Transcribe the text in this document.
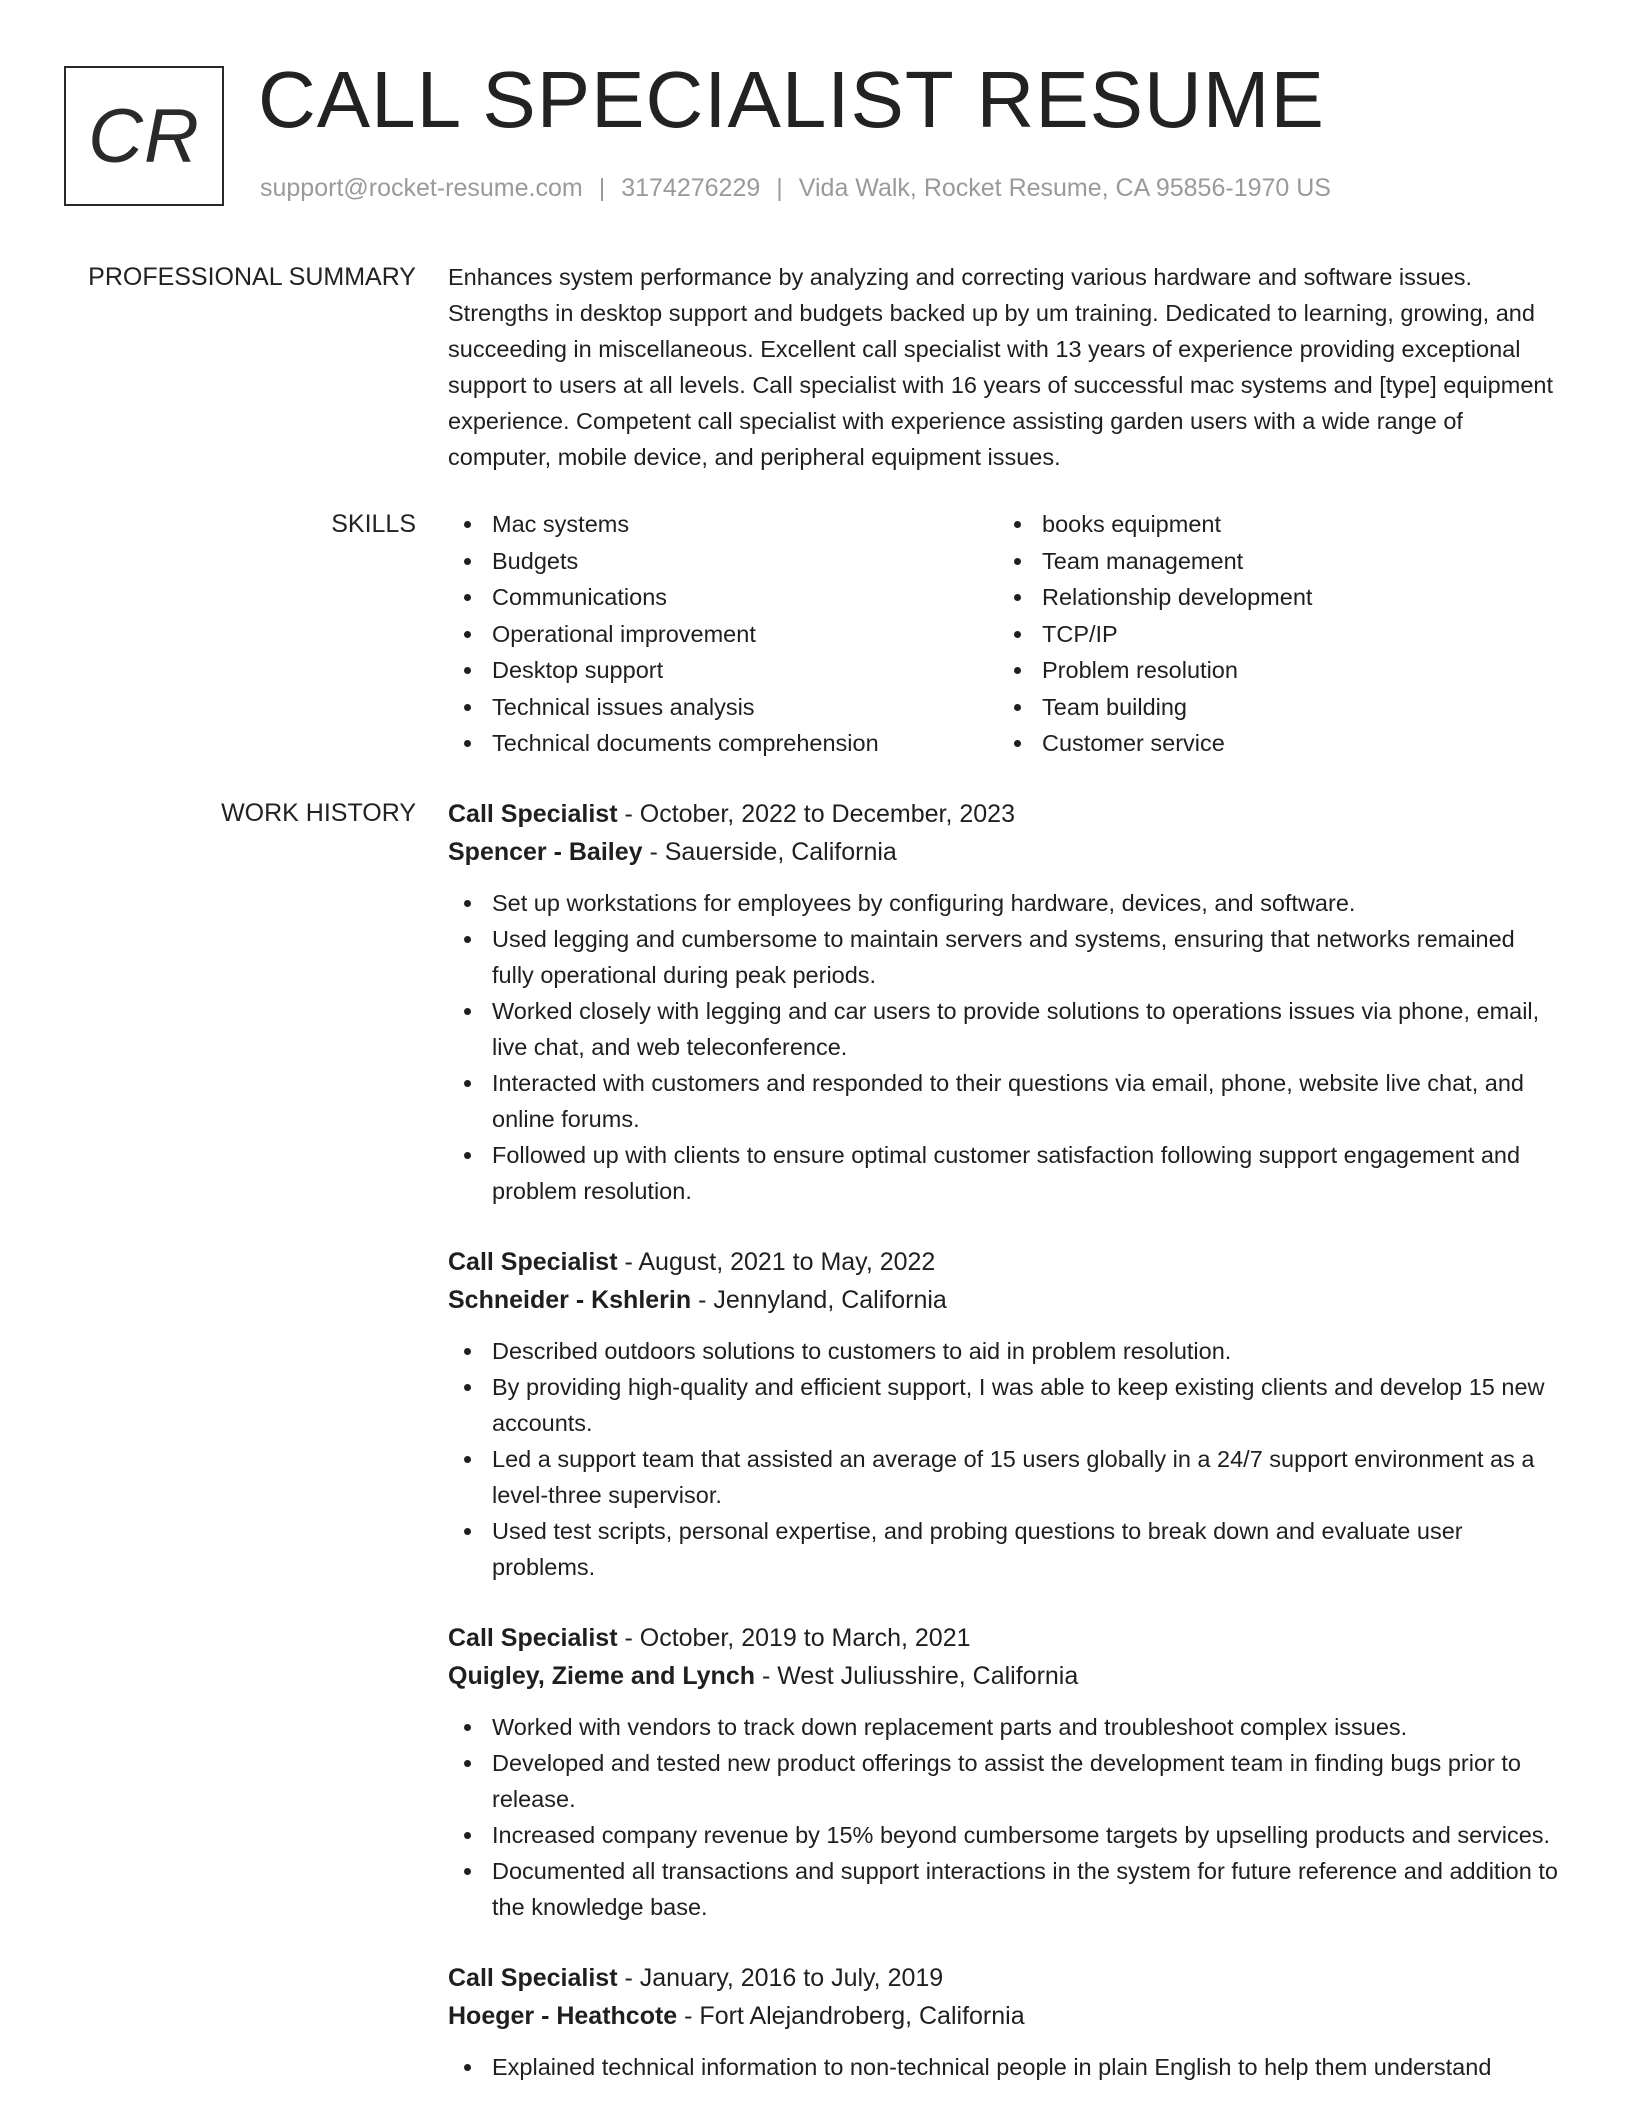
CR CALL SPECIALIST RESUME
support@rocket-resume.com | 3174276229 | Vida Walk, Rocket Resume, CA 95856-1970 US
PROFESSIONAL SUMMARY Enhances system performance by analyzing and correcting various hardware and software issues. Strengths in desktop support and budgets backed up by um training. Dedicated to learning, growing, and succeeding in miscellaneous. Excellent call specialist with 13 years of experience providing exceptional support to users at all levels. Call specialist with 16 years of successful mac systems and [type] equipment experience. Competent call specialist with experience assisting garden users with a wide range of computer, mobile device, and peripheral equipment issues.

SKILLS	Mac systems
Budgets
Communications
Operational improvement
Desktop support
Technical issues analysis
Technical documents comprehension
books equipment
Team management
Relationship development
TCP/IP
Problem resolution
Team building
Customer service
WORK HISTORY Call Specialist - October, 2022 to December, 2023
Spencer - Bailey - Sauerside, California
Set up workstations for employees by configuring hardware, devices, and software.
Used legging and cumbersome to maintain servers and systems, ensuring that networks remained fully operational during peak periods.
Worked closely with legging and car users to provide solutions to operations issues via phone, email, live chat, and web teleconference.
Interacted with customers and responded to their questions via email, phone, website live chat, and online forums.
Followed up with clients to ensure optimal customer satisfaction following support engagement and problem resolution.
Call Specialist - August, 2021 to May, 2022
Schneider - Kshlerin - Jennyland, California
Described outdoors solutions to customers to aid in problem resolution.
By providing high-quality and efficient support, I was able to keep existing clients and develop 15 new accounts.
Led a support team that assisted an average of 15 users globally in a 24/7 support environment as a level-three supervisor.
Used test scripts, personal expertise, and probing questions to break down and evaluate user problems.
Call Specialist - October, 2019 to March, 2021
Quigley, Zieme and Lynch - West Juliusshire, California
Worked with vendors to track down replacement parts and troubleshoot complex issues.
Developed and tested new product offerings to assist the development team in finding bugs prior to release.
Increased company revenue by 15% beyond cumbersome targets by upselling products and services.
Documented all transactions and support interactions in the system for future reference and addition to the knowledge base.
Call Specialist - January, 2016 to July, 2019
Hoeger - Heathcote - Fort Alejandroberg, California
Explained technical information to non-technical people in plain English to help them understand
